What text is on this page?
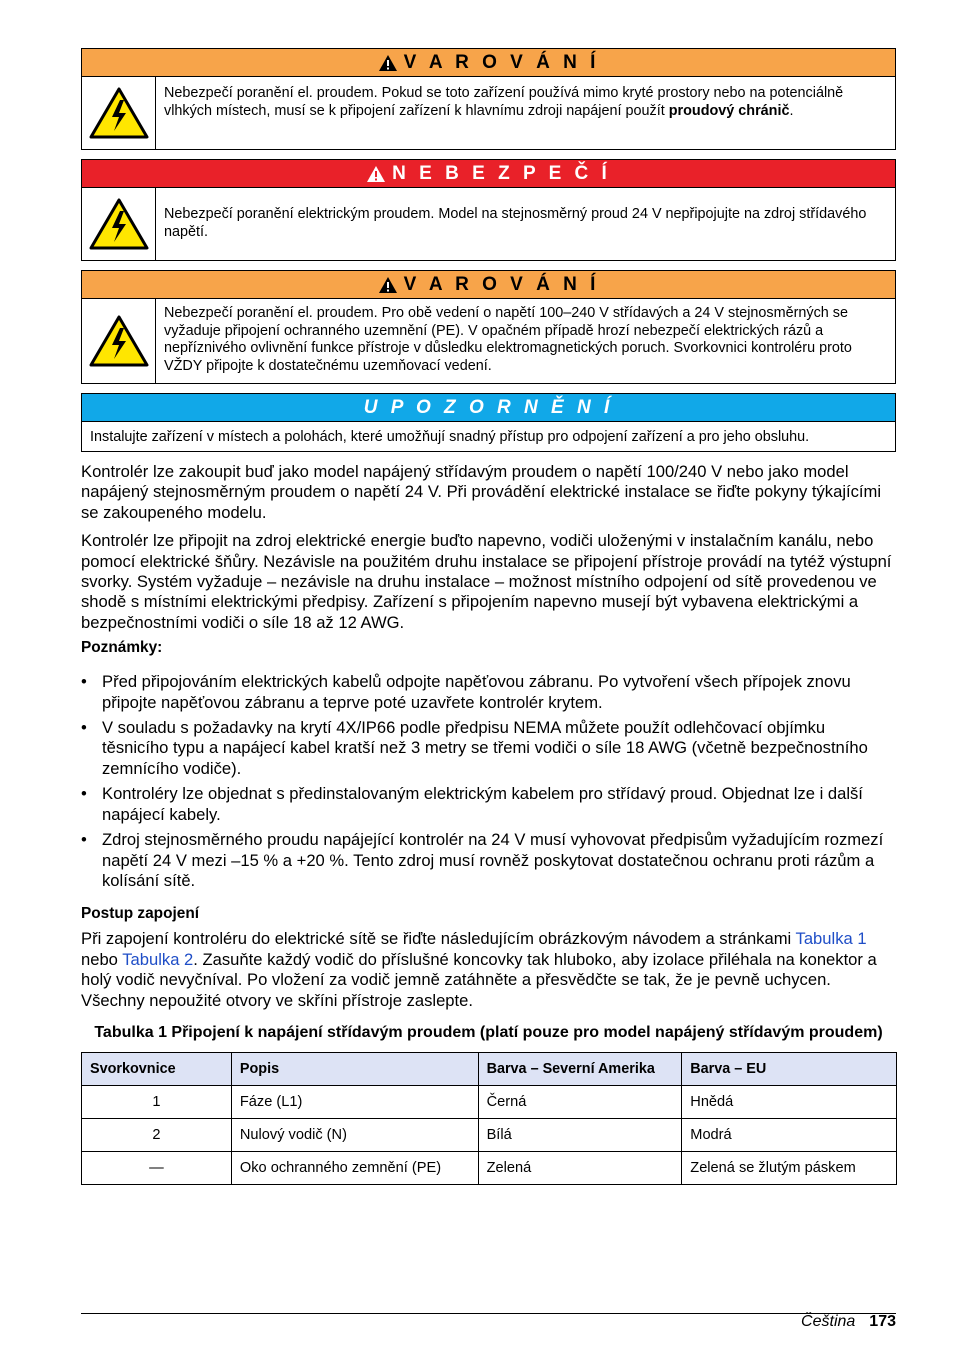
V A R O V Á N Í
Nebezpečí poranění el. proudem. Pokud se toto zařízení používá mimo kryté prostory nebo na potenciálně vlhkých místech, musí se k připojení zařízení k hlavnímu zdroji napájení použít proudový chránič.
N E B E Z P E Č Í
Nebezpečí poranění elektrickým proudem. Model na stejnosměrný proud 24 V nepřipojujte na zdroj střídavého napětí.
V A R O V Á N Í
Nebezpečí poranění el. proudem. Pro obě vedení o napětí 100–240 V střídavých a 24 V stejnosměrných se vyžaduje připojení ochranného uzemnění (PE). V opačném případě hrozí nebezpečí elektrických rázů a nepříznivého ovlivnění funkce přístroje v důsledku elektromagnetických poruch. Svorkovnici kontroléru proto VŽDY připojte k dostatečnému uzemňovací vedení.
U P O Z O R N Ě N Í
Instalujte zařízení v místech a polohách, které umožňují snadný přístup pro odpojení zařízení a pro jeho obsluhu.

Kontrolér lze zakoupit buď jako model napájený střídavým proudem o napětí 100/240 V nebo jako model napájený stejnosměrným proudem o napětí 24 V. Při provádění elektrické instalace se řiďte pokyny týkajícími se zakoupeného modelu.

Kontrolér lze připojit na zdroj elektrické energie buďto napevno, vodiči uloženými v instalačním kanálu, nebo pomocí elektrické šňůry. Nezávisle na použitém druhu instalace se připojení přístroje provádí na tytéž výstupní svorky. Systém vyžaduje – nezávisle na druhu instalace – možnost místního odpojení od sítě provedenou ve shodě s místními elektrickými předpisy. Zařízení s připojením napevno musejí být vybavena elektrickými a bezpečnostními vodiči o síle 18 až 12 AWG.

Poznámky:
• Před připojováním elektrických kabelů odpojte napěťovou zábranu. Po vytvoření všech přípojek znovu připojte napěťovou zábranu a teprve poté uzavřete kontrolér krytem.
• V souladu s požadavky na krytí 4X/IP66 podle předpisu NEMA můžete použít odlehčovací objímku těsnicího typu a napájecí kabel kratší než 3 metry se třemi vodiči o síle 18 AWG (včetně bezpečnostního zemnícího vodiče).
• Kontroléry lze objednat s předinstalovaným elektrickým kabelem pro střídavý proud. Objednat lze i další napájecí kabely.
• Zdroj stejnosměrného proudu napájející kontrolér na 24 V musí vyhovovat předpisům vyžadujícím rozmezí napětí 24 V mezi –15 % a +20 %. Tento zdroj musí rovněž poskytovat dostatečnou ochranu proti rázům a kolísání sítě.
Postup zapojení

Při zapojení kontroléru do elektrické sítě se řiďte následujícím obrázkovým návodem a stránkami Tabulka 1 nebo Tabulka 2. Zasuňte každý vodič do příslušné koncovky tak hluboko, aby izolace přiléhala na konektor a holý vodič nevyčníval. Po vložení za vodič jemně zatáhněte a přesvědčte se tak, že je pevně uchycen. Všechny nepoužité otvory ve skříni přístroje zaslepte.

Tabulka 1 Připojení k napájení střídavým proudem (platí pouze pro model napájený střídavým proudem)
Svorkovnice	Popis	Barva – Severní Amerika	Barva – EU
1	Fáze (L1)	Černá	Hnědá
2	Nulový vodič (N)	Bílá	Modrá
—	Oko ochranného zemnění (PE)	Zelená	Zelená se žlutým páskem
Čeština 173
